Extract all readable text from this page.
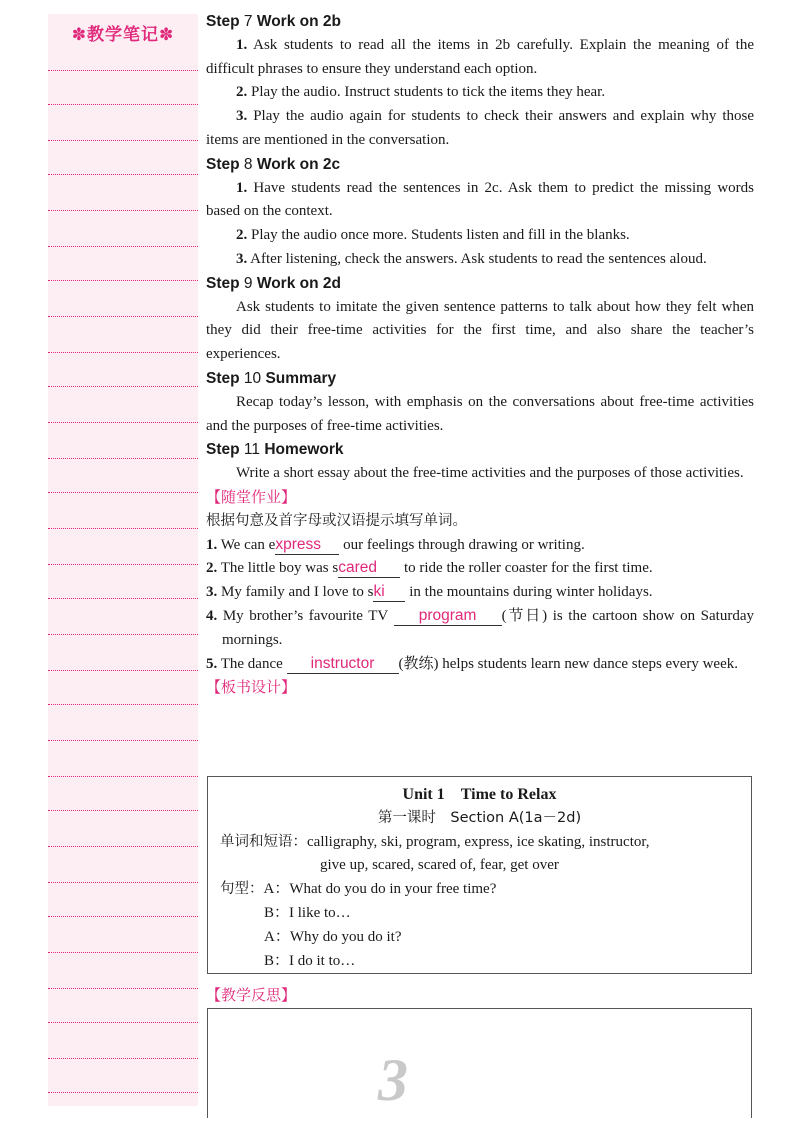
✽教学笔记✽

Step 7 Work on 2b

1. Ask students to read all the items in 2b carefully. Explain the meaning of the difficult phrases to ensure they understand each option.

2. Play the audio. Instruct students to tick the items they hear.

3. Play the audio again for students to check their answers and explain why those items are mentioned in the conversation.

Step 8 Work on 2c

1. Have students read the sentences in 2c. Ask them to predict the missing words based on the context.

2. Play the audio once more. Students listen and fill in the blanks.

3. After listening, check the answers. Ask students to read the sentences aloud.

Step 9 Work on 2d

Ask students to imitate the given sentence patterns to talk about how they felt when they did their free-time activities for the first time, and also share the teacher’s experiences.

Step 10 Summary

Recap today’s lesson, with emphasis on the conversations about free-time activities and the purposes of free-time activities.

Step 11 Homework

Write a short essay about the free-time activities and the purposes of those activities.

【随堂作业】

根据句意及首字母或汉语提示填写单词。

1. We can express our feelings through drawing or writing.

2. The little boy was scared to ride the roller coaster for the first time.

3. My family and I love to ski in the mountains during winter holidays.

4. My brother’s favourite TV program (节日) is the cartoon show on Saturday mornings.

5. The dance instructor (教练) helps students learn new dance steps every week.

【板书设计】

Unit 1　Time to Relax
第一课时　Section A(1a－2d)
单词和短语：calligraphy, ski, program, express, ice skating, instructor,
give up, scared, scared of, fear, get over
句型：A：What do you do in your free time?
B：I like to…
A：Why do you do it?
B：I do it to…
【教学反思】
3
